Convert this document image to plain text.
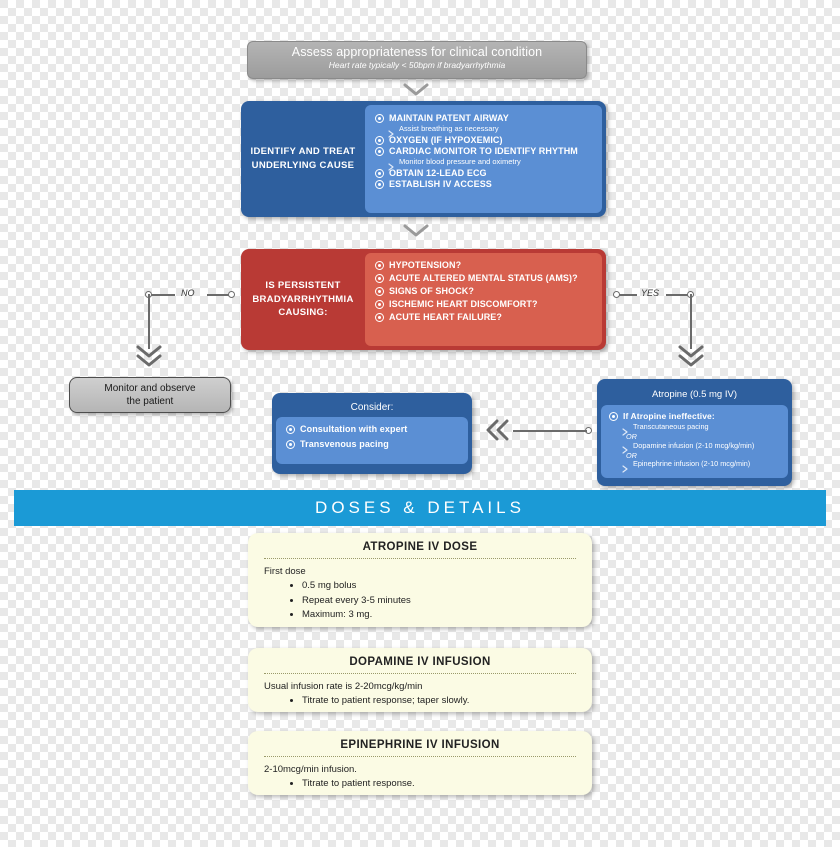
Assess appropriateness for clinical condition
Heart rate typically < 50bpm if bradyarrhythmia
IDENTIFY AND TREAT UNDERLYING CAUSE
MAINTAIN PATENT AIRWAY
Assist breathing as necessary
OXYGEN (IF HYPOXEMIC)
CARDIAC MONITOR TO IDENTIFY RHYTHM
Monitor blood pressure and oximetry
OBTAIN 12-LEAD ECG
ESTABLISH IV ACCESS
IS PERSISTENT BRADYARRHYTHMIA CAUSING:
HYPOTENSION?
ACUTE ALTERED MENTAL STATUS (AMS)?
SIGNS OF SHOCK?
ISCHEMIC HEART DISCOMFORT?
ACUTE HEART FAILURE?
NO	YES
Monitor and observe
the patient
Consider:
Consultation with expert
Transvenous pacing
Atropine (0.5 mg IV)
If Atropine ineffective:
Transcutaneous pacing
OR
Dopamine infusion (2-10 mcg/kg/min)
OR
Epinephrine infusion (2-10 mcg/min)
DOSES & DETAILS
ATROPINE IV DOSE
First dose
• 0.5 mg bolus
• Repeat every 3-5 minutes
• Maximum: 3 mg.
DOPAMINE IV INFUSION
Usual infusion rate is 2-20mcg/kg/min
• Titrate to patient response; taper slowly.
EPINEPHRINE IV INFUSION
2-10mcg/min infusion.
• Titrate to patient response.
